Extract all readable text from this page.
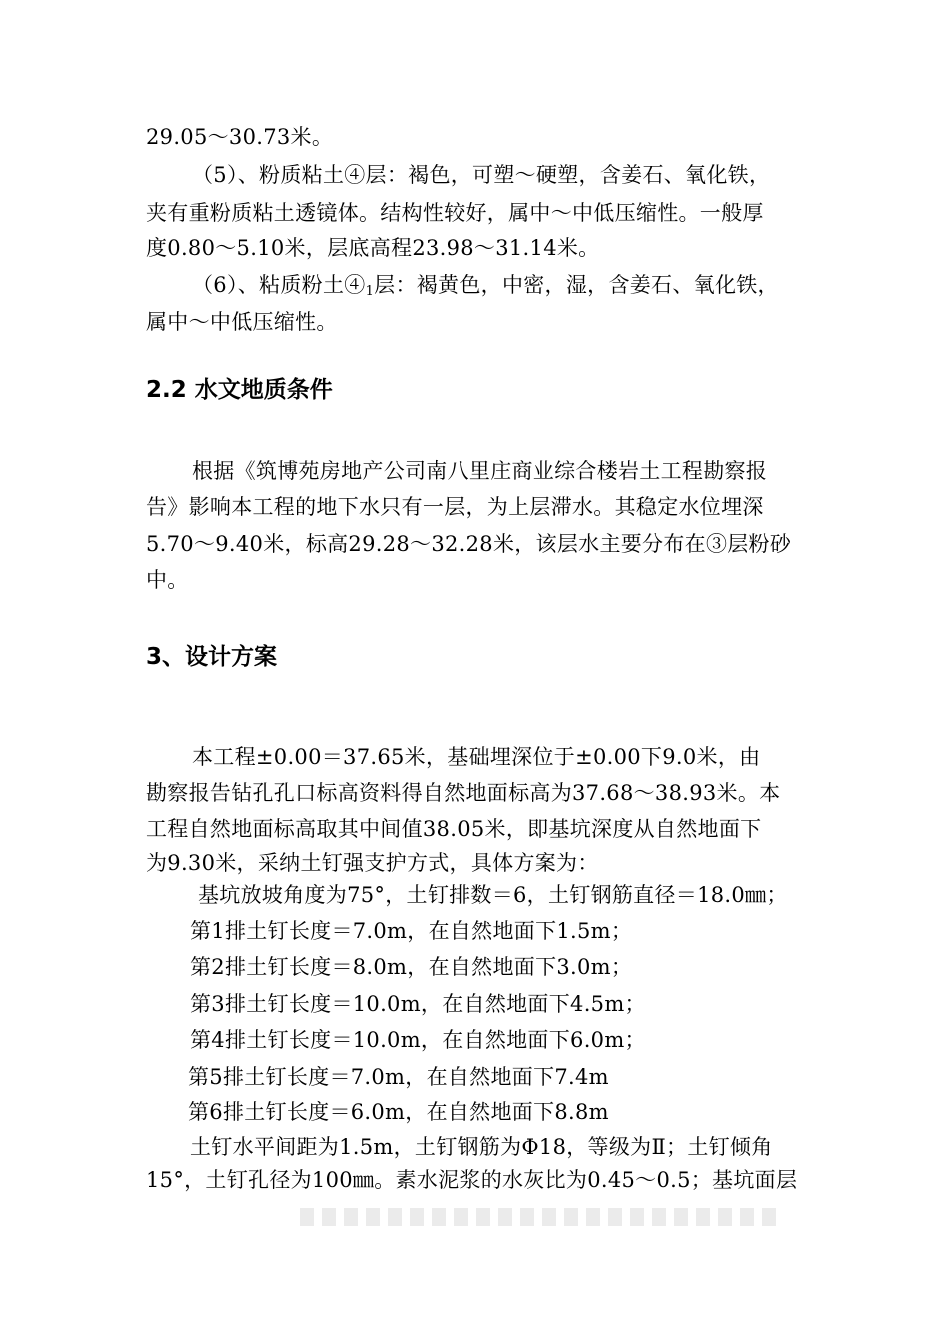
29.05～30.73米。
（5）、粉质粘土④层：褐色，可塑～硬塑，含姜石、氧化铁，
夹有重粉质粘土透镜体。结构性较好，属中～中低压缩性。一般厚
度0.80～5.10米，层底高程23.98～31.14米。
（6）、粘质粉土$④_1$层：褐黄色，中密，湿，含姜石、氧化铁，
属中～中低压缩性。
2.2 水文地质条件
根据《筑博苑房地产公司南八里庄商业综合楼岩土工程勘察报
告》影响本工程的地下水只有一层，为上层滞水。其稳定水位埋深
5.70～9.40米，标高29.28～32.28米，该层水主要分布在③层粉砂
中。
3、设计方案
本工程±0.00＝37.65米，基础埋深位于±0.00下9.0米，由
勘察报告钻孔孔口标高资料得自然地面标高为37.68～38.93米。本
工程自然地面标高取其中间值38.05米，即基坑深度从自然地面下
为9.30米，采纳土钉强支护方式，具体方案为：
基坑放坡角度为75°，土钉排数＝6，土钉钢筋直径＝18.0㎜；
第1排土钉长度＝7.0m，在自然地面下1.5m；
第2排土钉长度＝8.0m，在自然地面下3.0m；
第3排土钉长度＝10.0m，在自然地面下4.5m；
第4排土钉长度＝10.0m，在自然地面下6.0m；
第5排土钉长度＝7.0m，在自然地面下7.4m
第6排土钉长度＝6.0m，在自然地面下8.8m
土钉水平间距为1.5m，土钉钢筋为Φ18，等级为Ⅱ；土钉倾角
15°，土钉孔径为100㎜。素水泥浆的水灰比为0.45～0.5；基坑面层
